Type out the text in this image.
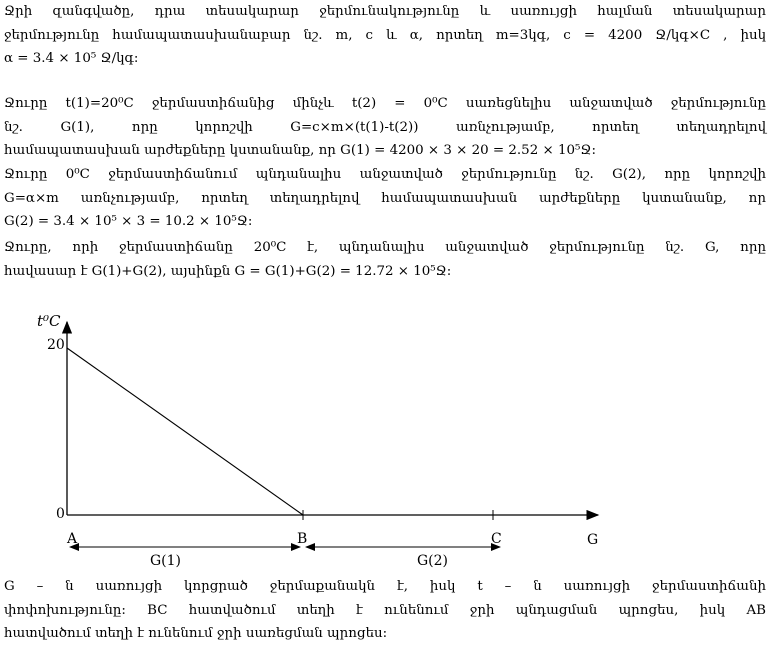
Ջրի զանգվածը, դրա տեսակարար ջերմունակությունը և սառույցի հալման տեսակարար
ջերմությունը համապատասխանաբար նշ. m, c և α, որտեղ m=3կգ, c = 4200 Ջ/կգ×C , իսկ
α = 3.4 × 10⁵ Ջ/կգ:
Ջուրը t(1)=20⁰C ջերմաստիճանից մինչև t(2) = 0⁰C սառեցնելիս անջատված ջերմությունը
նշ. G(1), որը կորոշվի G=c×m×(t(1)-t(2)) առնչությամբ, որտեղ տեղադրելով
համապատասխան արժեքները կստանանք, որ G(1) = 4200 × 3 × 20 = 2.52 × 10⁵Ջ:
Ջուրը 0⁰C ջերմաստիճանում պնդանալիս անջատված ջերմությունը նշ. G(2), որը կորոշվի
G=α×m առնչությամբ, որտեղ տեղադրելով համապատասխան արժեքները կստանանք, որ
G(2) = 3.4 × 10⁵ × 3 = 10.2 × 10⁵Ջ:
Ջուրը, որի ջերմաստիճանը 20⁰C է, պնդանալիս անջատված ջերմությունը նշ. G, որը
հավասար է G(1)+G(2), այսինքն G = G(1)+G(2) = 12.72 × 10⁵Ջ:
t⁰C
20
0
A	B	C	G
G(1)	G(2)
G – ն սառույցի կորցրած ջերմաքանակն է, իսկ t – ն սառույցի ջերմաստիճանի
փոփոխությունը: BC հատվածում տեղի է ունենում ջրի պնդացման պրոցես, իսկ AB
հատվածում տեղի է ունենում ջրի սառեցման պրոցես:
